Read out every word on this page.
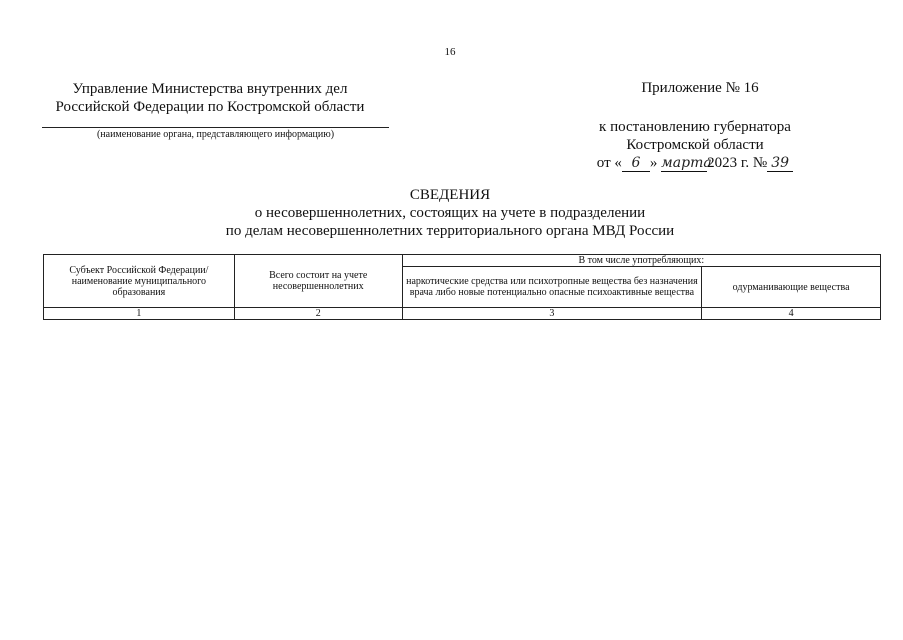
16
Управление Министерства внутренних дел
Российской Федерации по Костромской области
(наименование органа, представляющего информацию)
Приложение № 16
к постановлению губернатора
Костромской области
от « 6 » марта2023 г. № 39
СВЕДЕНИЯ
о несовершеннолетних, состоящих на учете в подразделении
по делам несовершеннолетних территориального органа МВД России
Субъект Российской Федерации/ наименование муниципального образования	Всего состоит на учете несовершеннолетних	В том числе употребляющих:	
		наркотические средства или психотропные вещества без назначения врача либо новые потенциально опасные психоактивные вещества	одурманивающие вещества
1	2	3	4
